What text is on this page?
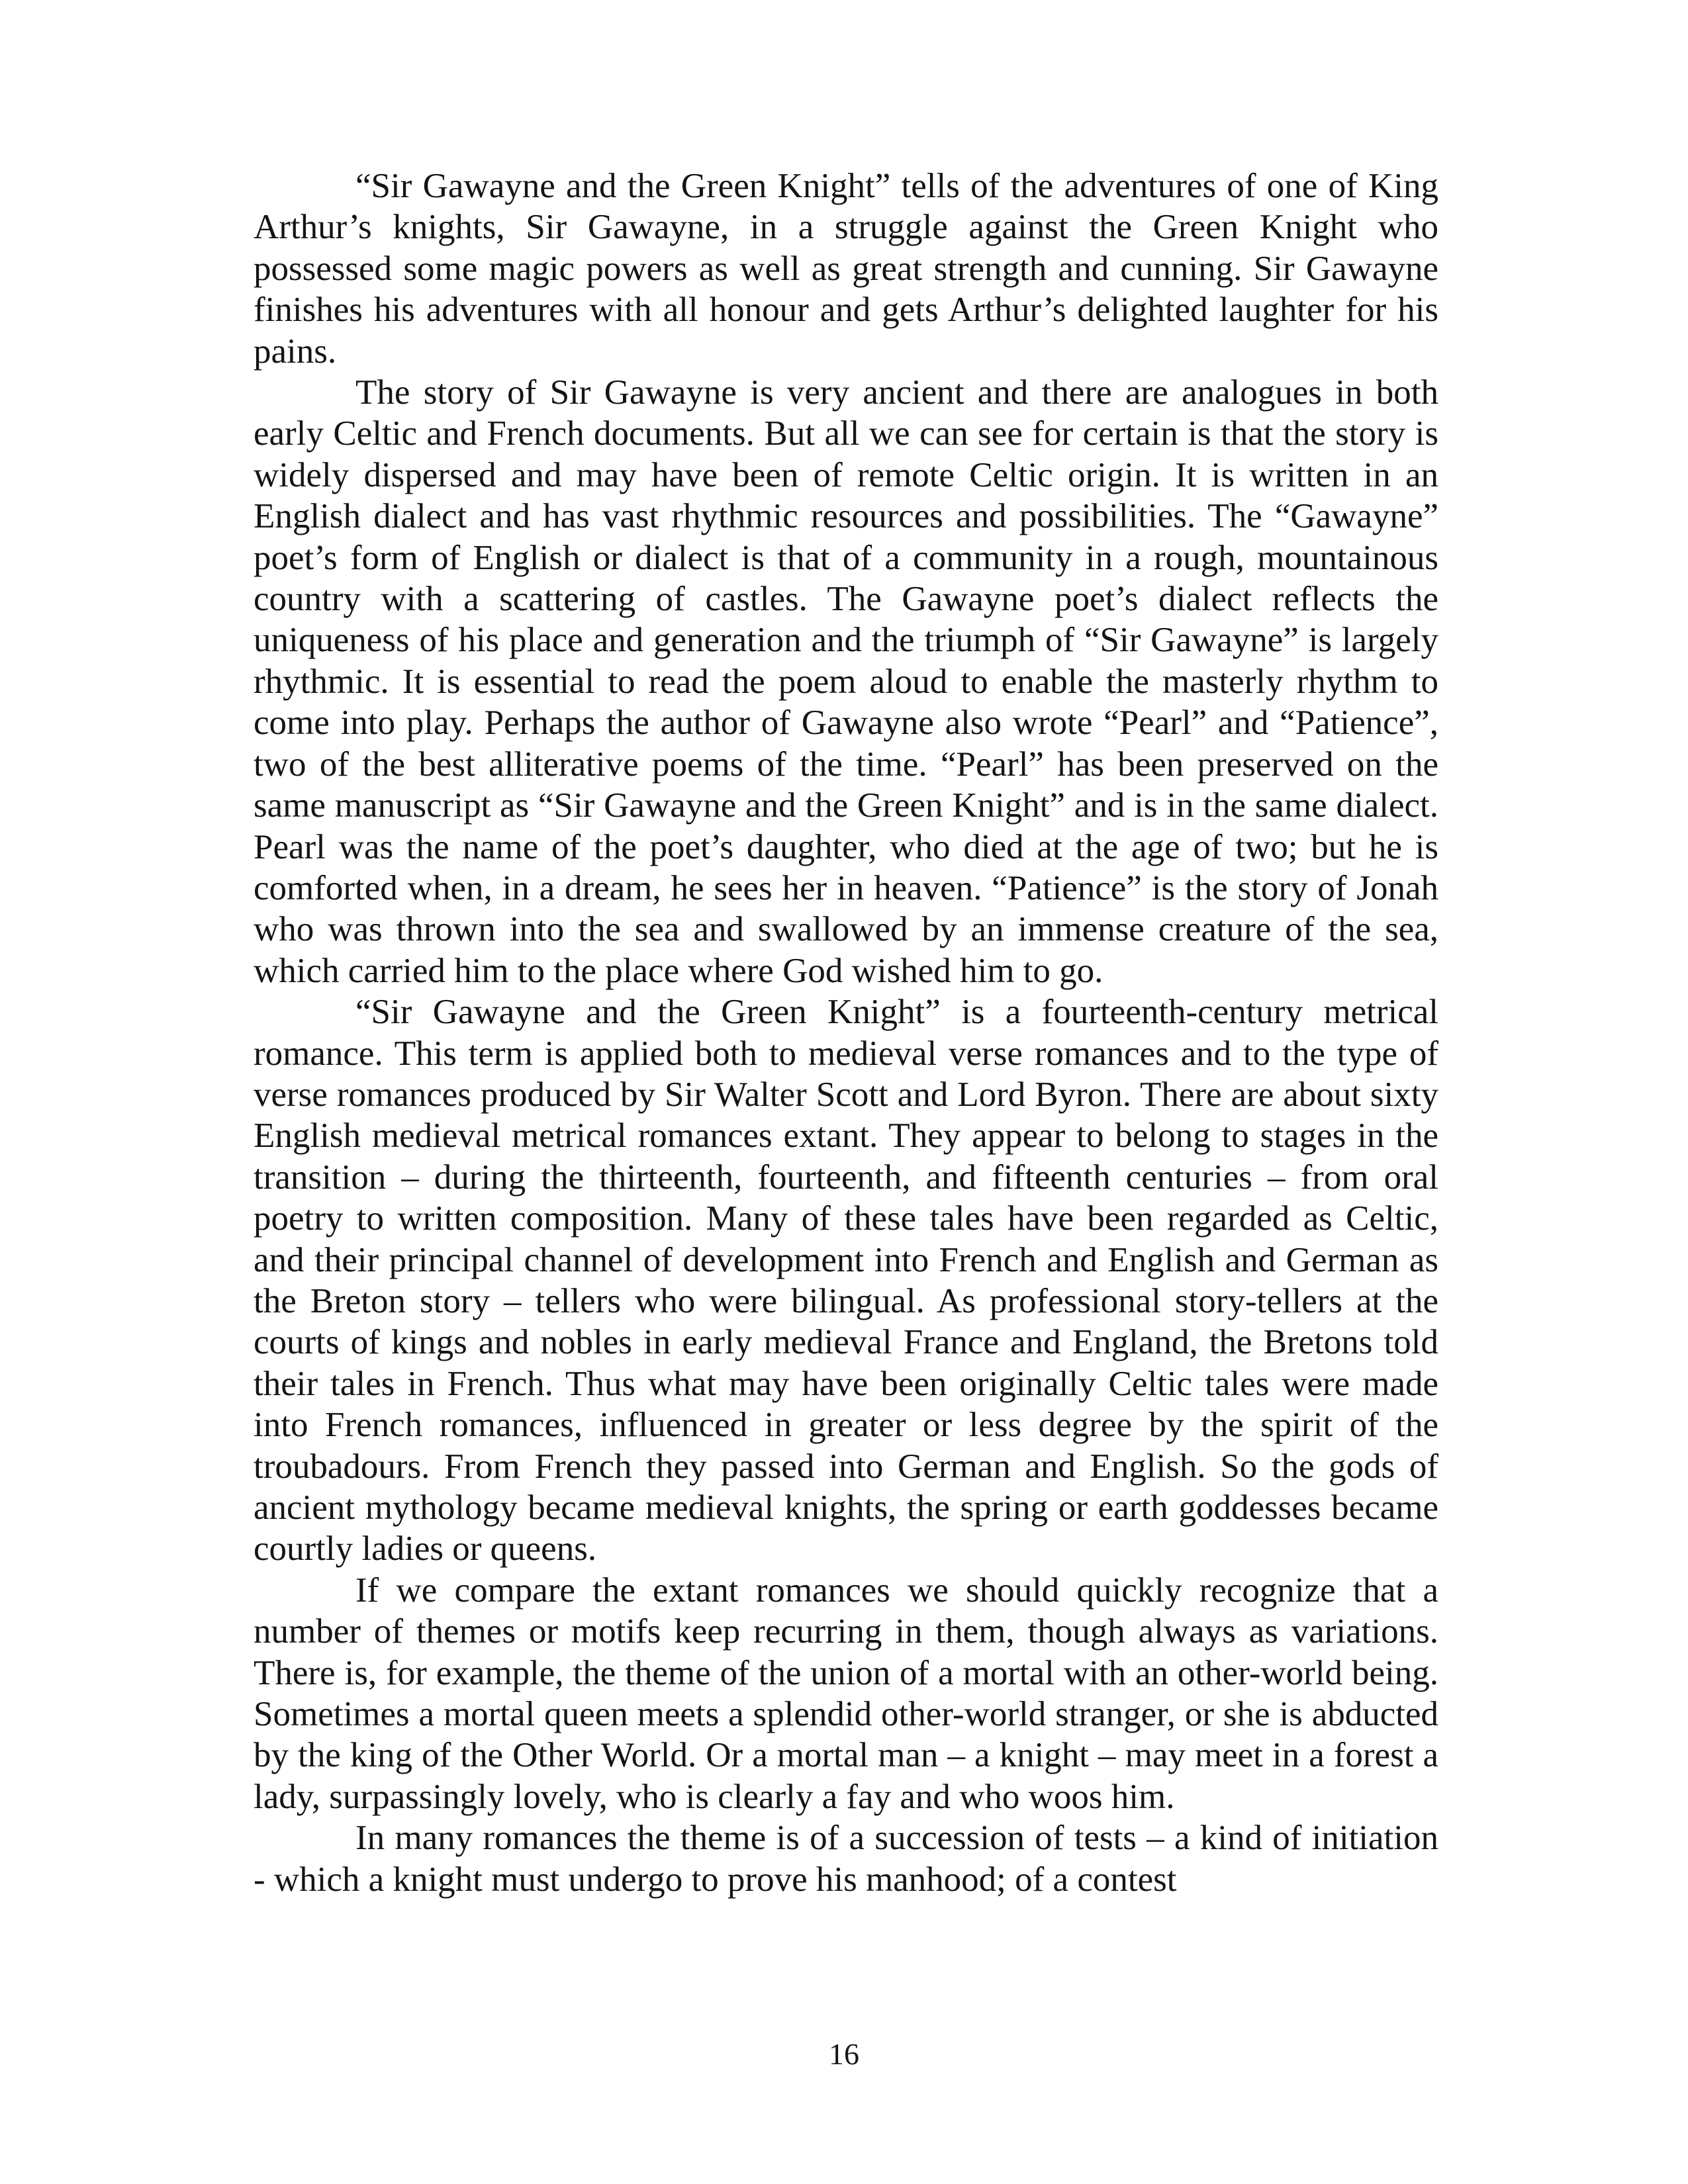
“Sir Gawayne and the Green Knight” tells of the adventures of one of King Arthur’s knights, Sir Gawayne, in a struggle against the Green Knight who possessed some magic powers as well as great strength and cunning. Sir Gawayne finishes his adventures with all honour and gets Arthur’s delighted laughter for his pains.

The story of Sir Gawayne is very ancient and there are analogues in both early Celtic and French documents. But all we can see for certain is that the story is widely dispersed and may have been of remote Celtic origin. It is written in an English dialect and has vast rhythmic resources and possibilities. The “Gawayne” poet’s form of English or dialect is that of a community in a rough, mountainous country with a scattering of castles. The Gawayne poet’s dialect reflects the uniqueness of his place and generation and the triumph of “Sir Gawayne” is largely rhythmic. It is essential to read the poem aloud to enable the masterly rhythm to come into play. Perhaps the author of Gawayne also wrote “Pearl” and “Patience”, two of the best alliterative poems of the time. “Pearl” has been preserved on the same manuscript as “Sir Gawayne and the Green Knight” and is in the same dialect. Pearl was the name of the poet’s daughter, who died at the age of two; but he is comforted when, in a dream, he sees her in heaven. “Patience” is the story of Jonah who was thrown into the sea and swallowed by an immense creature of the sea, which carried him to the place where God wished him to go.

“Sir Gawayne and the Green Knight” is a fourteenth-century metrical romance. This term is applied both to medieval verse romances and to the type of verse romances produced by Sir Walter Scott and Lord Byron. There are about sixty English medieval metrical romances extant. They appear to belong to stages in the transition – during the thirteenth, fourteenth, and fifteenth centuries – from oral poetry to written composition. Many of these tales have been regarded as Celtic, and their principal channel of development into French and English and German as the Breton story – tellers who were bilingual. As professional story-tellers at the courts of kings and nobles in early medieval France and England, the Bretons told their tales in French. Thus what may have been originally Celtic tales were made into French romances, influenced in greater or less degree by the spirit of the troubadours. From French they passed into German and English. So the gods of ancient mythology became medieval knights, the spring or earth goddesses became courtly ladies or queens.

If we compare the extant romances we should quickly recognize that a number of themes or motifs keep recurring in them, though always as variations. There is, for example, the theme of the union of a mortal with an other-world being. Sometimes a mortal queen meets a splendid other-world stranger, or she is abducted by the king of the Other World. Or a mortal man – a knight – may meet in a forest a lady, surpassingly lovely, who is clearly a fay and who woos him.

In many romances the theme is of a succession of tests – a kind of initiation - which a knight must undergo to prove his manhood; of a contest

16
